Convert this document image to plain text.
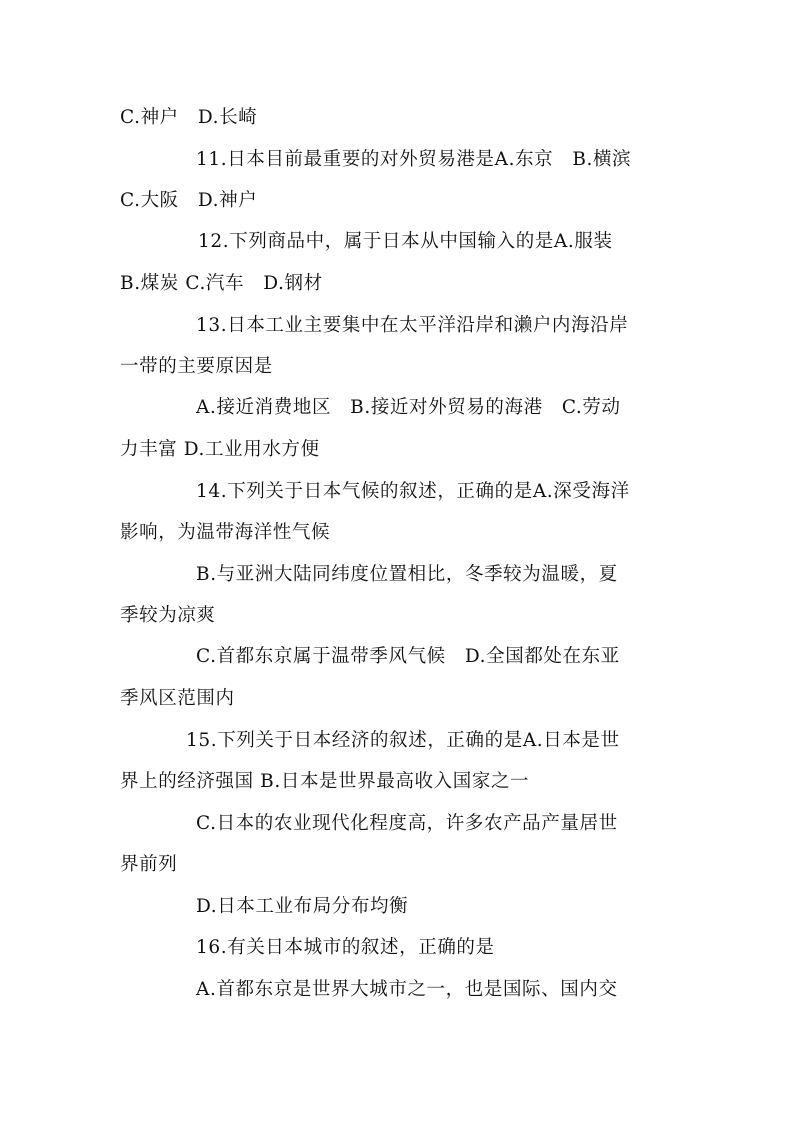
C.神户　D.长崎
11.日本目前最重要的对外贸易港是A.东京　B.横滨
C.大阪　D.神户
12.下列商品中，属于日本从中国输入的是A.服装
B.煤炭 C.汽车　D.钢材
13.日本工业主要集中在太平洋沿岸和濑户内海沿岸
一带的主要原因是
A.接近消费地区　B.接近对外贸易的海港　C.劳动
力丰富 D.工业用水方便
14.下列关于日本气候的叙述，正确的是A.深受海洋
影响，为温带海洋性气候
B.与亚洲大陆同纬度位置相比，冬季较为温暖，夏
季较为凉爽
C.首都东京属于温带季风气候　D.全国都处在东亚
季风区范围内
15.下列关于日本经济的叙述，正确的是A.日本是世
界上的经济强国 B.日本是世界最高收入国家之一
C.日本的农业现代化程度高，许多农产品产量居世
界前列
D.日本工业布局分布均衡
16.有关日本城市的叙述，正确的是
A.首都东京是世界大城市之一，也是国际、国内交
